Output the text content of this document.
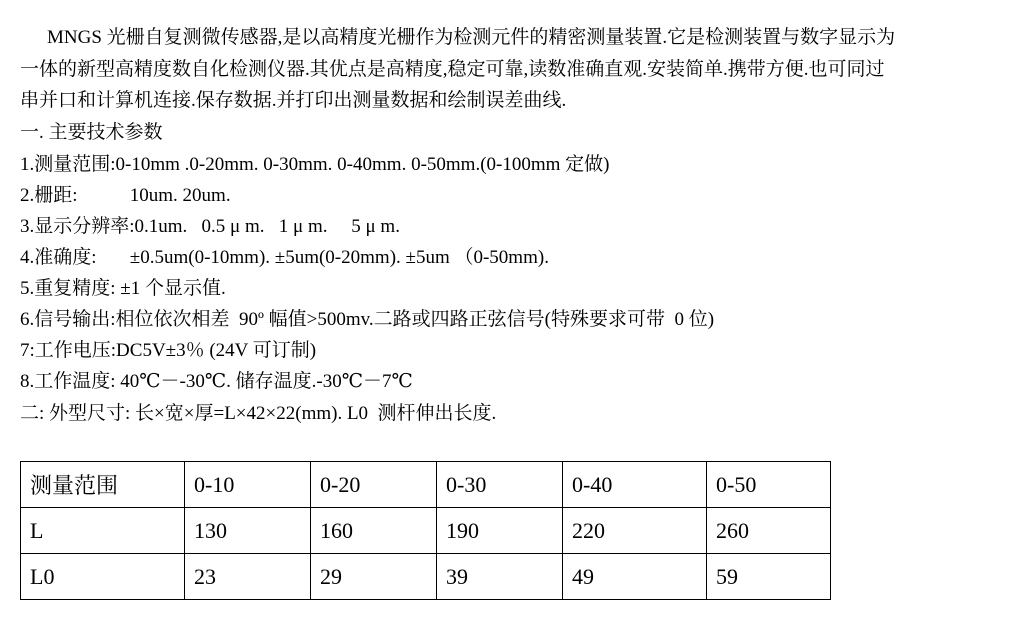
MNGS 光栅自复测微传感器,是以高精度光栅作为检测元件的精密测量装置.它是检测装置与数字显示为
一体的新型高精度数自化检测仪器.其优点是高精度,稳定可靠,读数准确直观.安装简单.携带方便.也可同过
串并口和计算机连接.保存数据.并打印出测量数据和绘制误差曲线.
一. 主要技术参数
1.测量范围:0-10mm .0-20mm. 0-30mm. 0-40mm. 0-50mm.(0-100mm 定做)
2.栅距:           10um. 20um.
3.显示分辨率:0.1um.   0.5 μ m.   1 μ m.     5 μ m.
4.准确度:       ±0.5um(0-10mm). ±5um(0-20mm). ±5um （0-50mm).
5.重复精度: ±1 个显示值.
6.信号输出:相位依次相差  90º 幅值>500mv.二路或四路正弦信号(特殊要求可带  0 位)
7:工作电压:DC5V±3％ (24V 可订制)
8.工作温度: 40℃－-30℃. 储存温度.-30℃－7℃
二: 外型尺寸: 长×宽×厚=L×42×22(mm). L0  测杆伸出长度.
测量范围	0-10	0-20	0-30	0-40	0-50
L	130	160	190	220	260
L0	23	29	39	49	59
